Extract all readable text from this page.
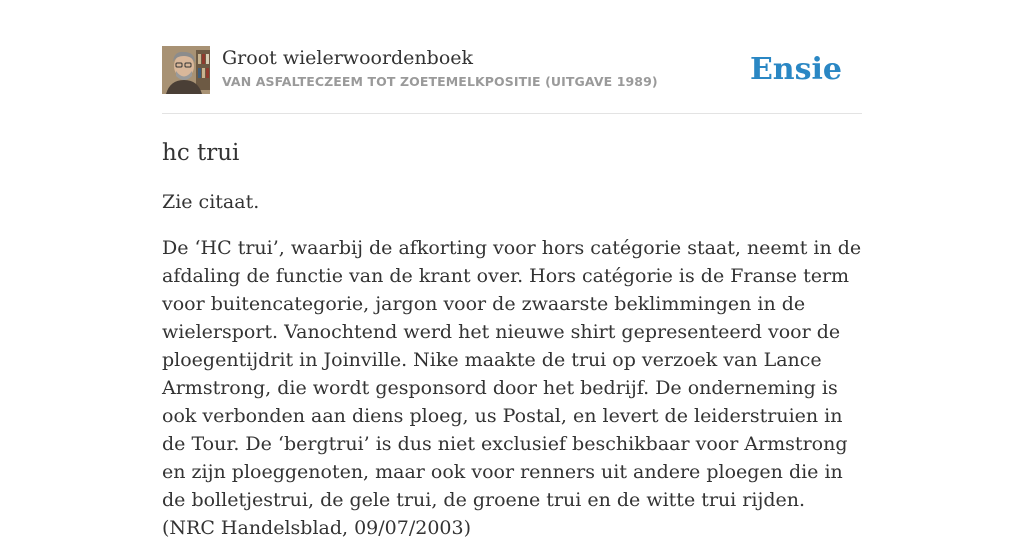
Groot wielerwoordenboek
VAN ASFALTECZEEM TOT ZOETEMELKPOSITIE (UITGAVE 1989)	Ensie
hc trui

Zie citaat.

De ‘HC trui’, waarbij de afkorting voor hors catégorie staat, neemt in de afdaling de functie van de krant over. Hors catégorie is de Franse term voor buitencategorie, jargon voor de zwaarste beklimmingen in de wielersport. Vanochtend werd het nieuwe shirt gepresenteerd voor de ploegentijdrit in Joinville. Nike maakte de trui op verzoek van Lance Armstrong, die wordt gesponsord door het bedrijf. De onderneming is ook verbonden aan diens ploeg, us Postal, en levert de leiderstruien in de Tour. De ‘bergtrui’ is dus niet exclusief beschikbaar voor Armstrong en zijn ploeggenoten, maar ook voor renners uit andere ploegen die in de bolletjestrui, de gele trui, de groene trui en de witte trui rijden. (NRC Handelsblad, 09/07/2003)
